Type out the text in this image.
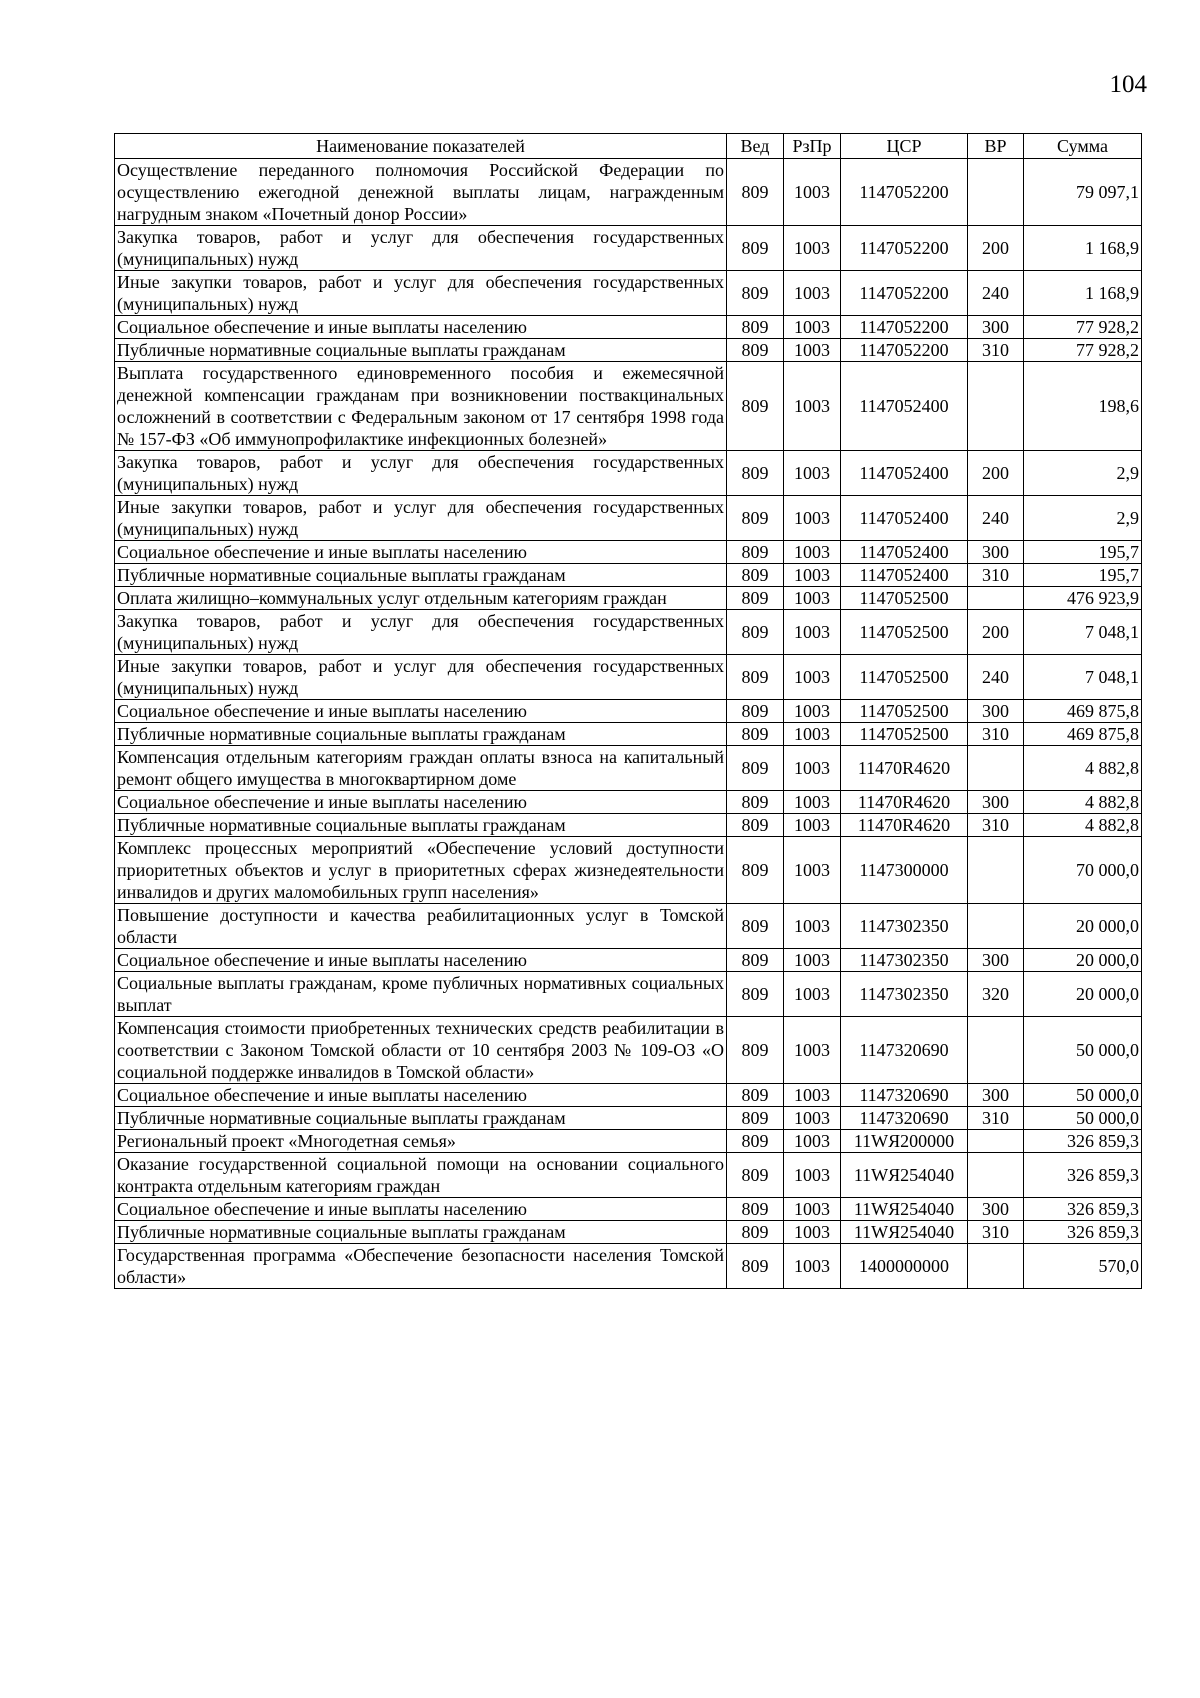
104
Наименование показателей	Вед	РзПр	ЦСР	ВР	Сумма
Осуществление переданного полномочия Российской Федерации по осуществлению ежегодной денежной выплаты лицам, награжденным нагрудным знаком «Почетный донор России»	809	1003	1147052200		79 097,1
Закупка товаров, работ и услуг для обеспечения государственных (муниципальных) нужд	809	1003	1147052200	200	1 168,9
Иные закупки товаров, работ и услуг для обеспечения государственных (муниципальных) нужд	809	1003	1147052200	240	1 168,9
Социальное обеспечение и иные выплаты населению	809	1003	1147052200	300	77 928,2
Публичные нормативные социальные выплаты гражданам	809	1003	1147052200	310	77 928,2
Выплата государственного единовременного пособия и ежемесячной денежной компенсации гражданам при возникновении поствакцинальных осложнений в соответствии с Федеральным законом от 17 сентября 1998 года № 157-ФЗ «Об иммунопрофилактике инфекционных болезней»	809	1003	1147052400		198,6
Закупка товаров, работ и услуг для обеспечения государственных (муниципальных) нужд	809	1003	1147052400	200	2,9
Иные закупки товаров, работ и услуг для обеспечения государственных (муниципальных) нужд	809	1003	1147052400	240	2,9
Социальное обеспечение и иные выплаты населению	809	1003	1147052400	300	195,7
Публичные нормативные социальные выплаты гражданам	809	1003	1147052400	310	195,7
Оплата жилищно–коммунальных услуг отдельным категориям граждан	809	1003	1147052500		476 923,9
Закупка товаров, работ и услуг для обеспечения государственных (муниципальных) нужд	809	1003	1147052500	200	7 048,1
Иные закупки товаров, работ и услуг для обеспечения государственных (муниципальных) нужд	809	1003	1147052500	240	7 048,1
Социальное обеспечение и иные выплаты населению	809	1003	1147052500	300	469 875,8
Публичные нормативные социальные выплаты гражданам	809	1003	1147052500	310	469 875,8
Компенсация отдельным категориям граждан оплаты взноса на капитальный ремонт общего имущества в многоквартирном доме	809	1003	11470R4620		4 882,8
Социальное обеспечение и иные выплаты населению	809	1003	11470R4620	300	4 882,8
Публичные нормативные социальные выплаты гражданам	809	1003	11470R4620	310	4 882,8
Комплекс процессных мероприятий «Обеспечение условий доступности приоритетных объектов и услуг в приоритетных сферах жизнедеятельности инвалидов и других маломобильных групп населения»	809	1003	1147300000		70 000,0
Повышение доступности и качества реабилитационных услуг в Томской области	809	1003	1147302350		20 000,0
Социальное обеспечение и иные выплаты населению	809	1003	1147302350	300	20 000,0
Социальные выплаты гражданам, кроме публичных нормативных социальных выплат	809	1003	1147302350	320	20 000,0
Компенсация стоимости приобретенных технических средств реабилитации в соответствии с Законом Томской области от 10 сентября 2003 № 109-ОЗ «О социальной поддержке инвалидов в Томской области»	809	1003	1147320690		50 000,0
Социальное обеспечение и иные выплаты населению	809	1003	1147320690	300	50 000,0
Публичные нормативные социальные выплаты гражданам	809	1003	1147320690	310	50 000,0
Региональный проект «Многодетная семья»	809	1003	11WЯ200000		326 859,3
Оказание государственной социальной помощи на основании социального контракта отдельным категориям граждан	809	1003	11WЯ254040		326 859,3
Социальное обеспечение и иные выплаты населению	809	1003	11WЯ254040	300	326 859,3
Публичные нормативные социальные выплаты гражданам	809	1003	11WЯ254040	310	326 859,3
Государственная программа «Обеспечение безопасности населения Томской области»	809	1003	1400000000		570,0
